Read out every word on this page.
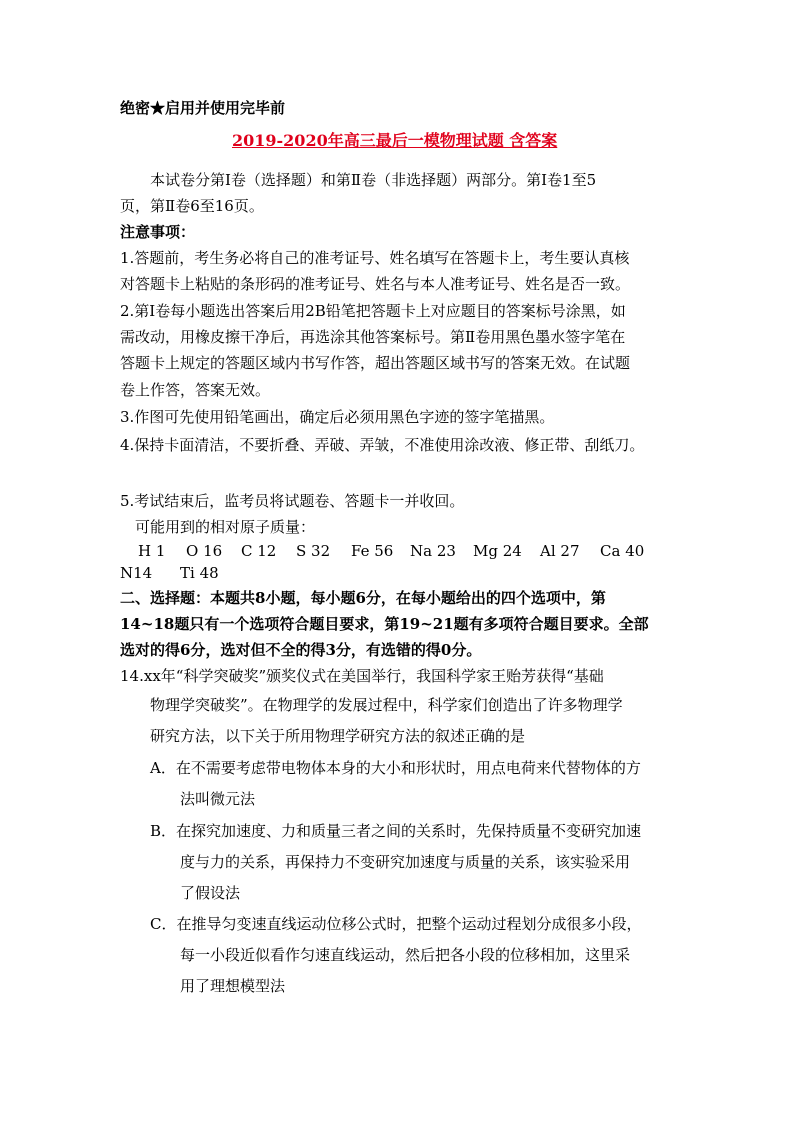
绝密★启用并使用完毕前
2019-2020年高三最后一模物理试题 含答案
本试卷分第Ⅰ卷（选择题）和第Ⅱ卷（非选择题）两部分。第Ⅰ卷1至5
页，第Ⅱ卷6至16页。
注意事项：
1.答题前，考生务必将自己的准考证号、姓名填写在答题卡上，考生要认真核
对答题卡上粘贴的条形码的准考证号、姓名与本人准考证号、姓名是否一致。
2.第Ⅰ卷每小题选出答案后用2B铅笔把答题卡上对应题目的答案标号涂黑，如
需改动，用橡皮擦干净后，再选涂其他答案标号。第Ⅱ卷用黑色墨水签字笔在
答题卡上规定的答题区域内书写作答，超出答题区域书写的答案无效。在试题
卷上作答，答案无效。
3.作图可先使用铅笔画出，确定后必须用黑色字迹的签字笔描黑。
4.保持卡面清洁，不要折叠、弄破、弄皱，不准使用涂改液、修正带、刮纸刀。
5.考试结束后，监考员将试题卷、答题卡一并收回。
可能用到的相对原子质量：
H 1 O 16 C 12 S 32 Fe 56 Na 23 Mg 24 Al 27 Ca 40
N14 Ti 48
二、选择题：本题共8小题，每小题6分，在每小题给出的四个选项中，第
14~18题只有一个选项符合题目要求，第19~21题有多项符合题目要求。全部
选对的得6分，选对但不全的得3分，有选错的得0分。
14.xx年“科学突破奖”颁奖仪式在美国举行，我国科学家王贻芳获得“基础
物理学突破奖”。在物理学的发展过程中，科学家们创造出了许多物理学
研究方法，以下关于所用物理学研究方法的叙述正确的是
A．在不需要考虑带电物体本身的大小和形状时，用点电荷来代替物体的方
法叫微元法
B．在探究加速度、力和质量三者之间的关系时，先保持质量不变研究加速
度与力的关系，再保持力不变研究加速度与质量的关系，该实验采用
了假设法
C．在推导匀变速直线运动位移公式时，把整个运动过程划分成很多小段，
每一小段近似看作匀速直线运动，然后把各小段的位移相加，这里采
用了理想模型法
